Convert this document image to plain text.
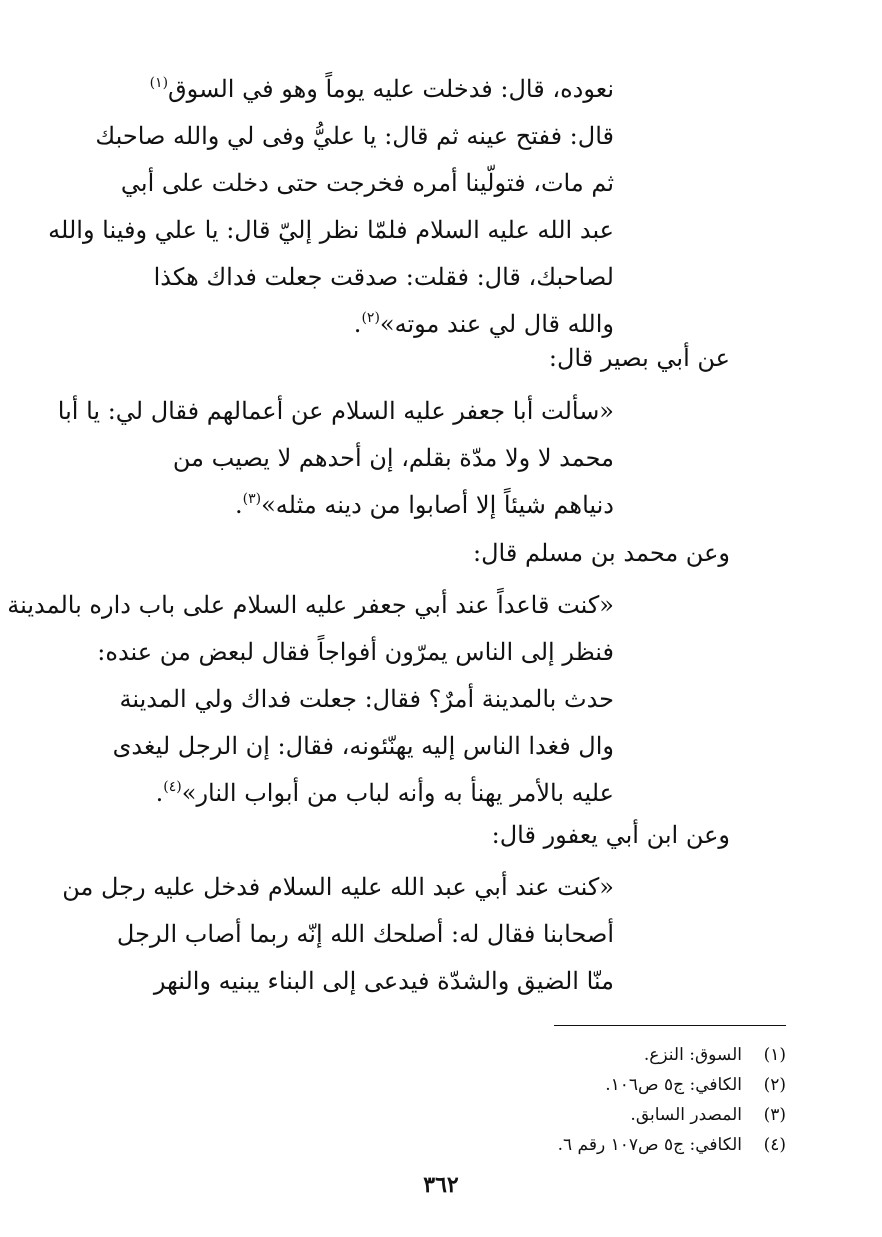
نعوده، قال: فدخلت عليه يوماً وهو في السوق$^{(١)}$
قال: ففتح عينه ثم قال: يا عليُّ وفى لي والله صاحبك
ثم مات، فتولّينا أمره فخرجت حتى دخلت على أبي
عبد الله عليه السلام فلمّا نظر إليّ قال: يا علي وفينا والله
لصاحبك، قال: فقلت: صدقت جعلت فداك هكذا
والله قال لي عند موته»$^{(٢)}$.
عن أبي بصير قال:
«سألت أبا جعفر عليه السلام عن أعمالهم فقال لي: يا أبا
محمد لا ولا مدّة بقلم، إن أحدهم لا يصيب من
دنياهم شيئاً إلا أصابوا من دينه مثله»$^{(٣)}$.
وعن محمد بن مسلم قال:
«كنت قاعداً عند أبي جعفر عليه السلام على باب داره بالمدينة
فنظر إلى الناس يمرّون أفواجاً فقال لبعض من عنده:
حدث بالمدينة أمرٌ؟ فقال: جعلت فداك ولي المدينة
وال فغدا الناس إليه يهنّئونه، فقال: إن الرجل ليغدى
عليه بالأمر يهنأ به وأنه لباب من أبواب النار»$^{(٤)}$.
وعن ابن أبي يعفور قال:
«كنت عند أبي عبد الله عليه السلام فدخل عليه رجل من
أصحابنا فقال له: أصلحك الله إنّه ربما أصاب الرجل
منّا الضيق والشدّة فيدعى إلى البناء يبنيه والنهر
(١)السوق: النزع.
(٢)الكافي: ج٥ ص١٠٦.
(٣)المصدر السابق.
(٤)الكافي: ج٥ ص١٠٧ رقم ٦.
٣٦٢
